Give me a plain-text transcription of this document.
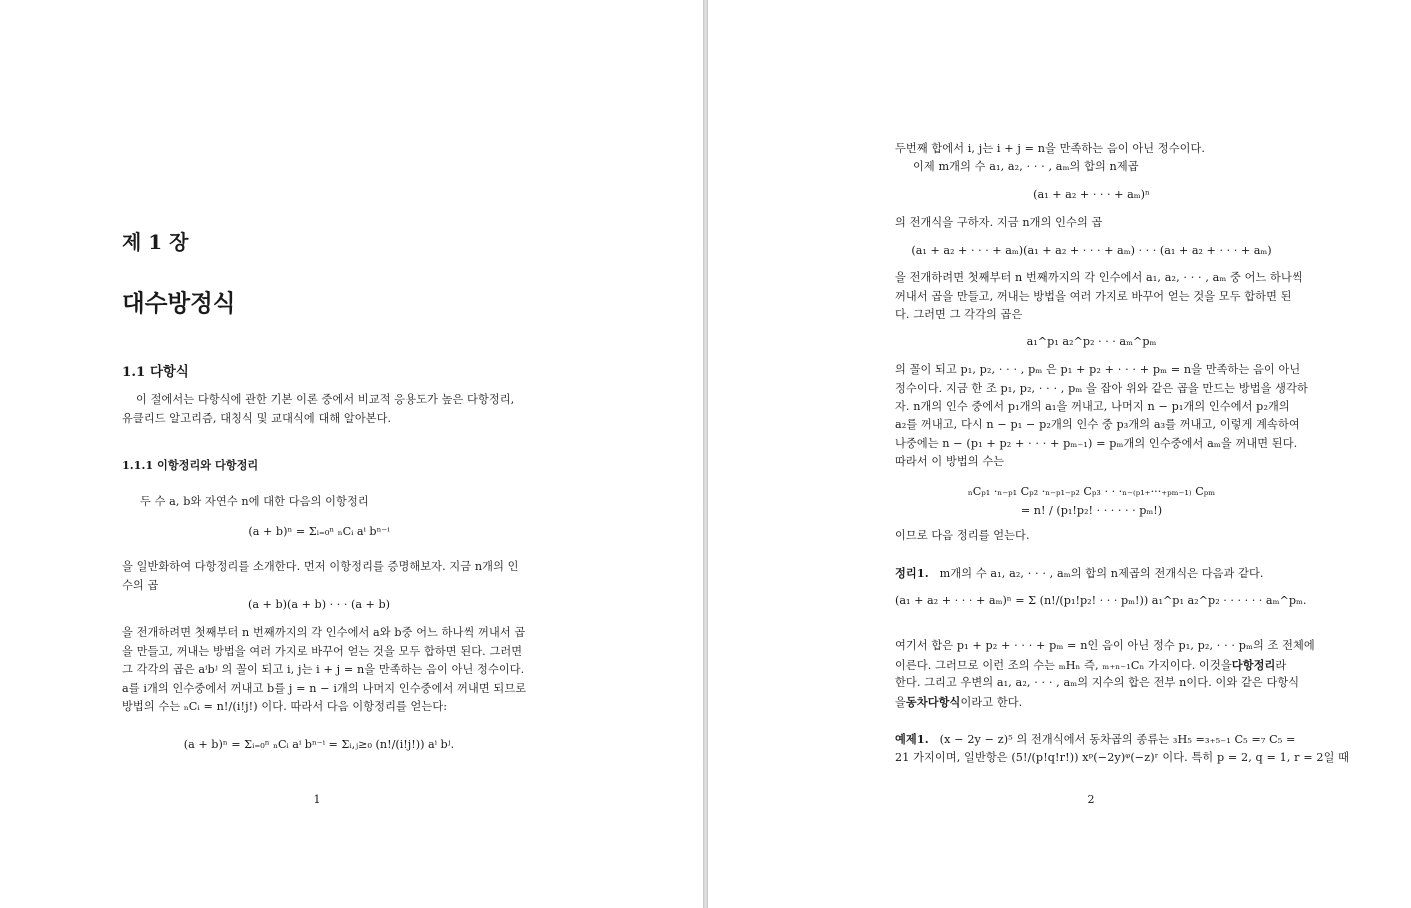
제 1 장
대수방정식
1.1 다항식
이 절에서는 다항식에 관한 기본 이론 중에서 비교적 응용도가 높은 다항정리,
유클리드 알고리즘, 대칭식 및 교대식에 대해 알아본다.
1.1.1 이항정리와 다항정리
두 수 a, b와 자연수 n에 대한 다음의 이항정리
(a + b)ⁿ = Σᵢ₌₀ⁿ ₙCᵢ aⁱ bⁿ⁻ⁱ
을 일반화하여 다항정리를 소개한다. 먼저 이항정리를 증명해보자. 지금 n개의 인
수의 곱
(a + b)(a + b) · · · (a + b)
을 전개하려면 첫째부터 n 번째까지의 각 인수에서 a와 b중 어느 하나씩 꺼내서 곱
을 만들고, 꺼내는 방법을 여러 가지로 바꾸어 얻는 것을 모두 합하면 된다. 그러면
그 각각의 곱은 aⁱbʲ 의 꼴이 되고 i, j는 i + j = n을 만족하는 음이 아닌 정수이다.
a를 i개의 인수중에서 꺼내고 b를 j = n − i개의 나머지 인수중에서 꺼내면 되므로
방법의 수는 ₙCᵢ = n!/(i!j!) 이다. 따라서 다음 이항정리를 얻는다:
(a + b)ⁿ = Σᵢ₌₀ⁿ ₙCᵢ aⁱ bⁿ⁻ⁱ = Σᵢ,ⱼ≥₀ (n!/(i!j!)) aⁱ bʲ.
1
두번째 합에서 i, j는 i + j = n을 만족하는 음이 아닌 정수이다.
이제 m개의 수 a₁, a₂, · · · , aₘ의 합의 n제곱
(a₁ + a₂ + · · · + aₘ)ⁿ
의 전개식을 구하자. 지금 n개의 인수의 곱
(a₁ + a₂ + · · · + aₘ)(a₁ + a₂ + · · · + aₘ) · · · (a₁ + a₂ + · · · + aₘ)
을 전개하려면 첫째부터 n 번째까지의 각 인수에서 a₁, a₂, · · · , aₘ 중 어느 하나씩
꺼내서 곱을 만들고, 꺼내는 방법을 여러 가지로 바꾸어 얻는 것을 모두 합하면 된
다. 그러면 그 각각의 곱은
a₁^p₁ a₂^p₂ · · · aₘ^pₘ
의 꼴이 되고 p₁, p₂, · · · , pₘ 은 p₁ + p₂ + · · · + pₘ = n을 만족하는 음이 아닌
정수이다. 지금 한 조 p₁, p₂, · · · , pₘ 을 잡아 위와 같은 곱을 만드는 방법을 생각하
자. n개의 인수 중에서 p₁개의 a₁을 꺼내고, 나머지 n − p₁개의 인수에서 p₂개의
a₂를 꺼내고, 다시 n − p₁ − p₂개의 인수 중 p₃개의 a₃를 꺼내고, 이렇게 계속하여
나중에는 n − (p₁ + p₂ + · · · + pₘ₋₁) = pₘ개의 인수중에서 aₘ을 꺼내면 된다.
따라서 이 방법의 수는
ₙCₚ₁ ·ₙ₋ₚ₁ Cₚ₂ ·ₙ₋ₚ₁₋ₚ₂ Cₚ₃ · · ·ₙ₋₍ₚ₁₊···₊ₚₘ₋₁₎ Cₚₘ
= n! / (p₁!p₂! · · · · · · pₘ!)
이므로 다음 정리를 얻는다.
정리1. m개의 수 a₁, a₂, · · · , aₘ의 합의 n제곱의 전개식은 다음과 같다.
(a₁ + a₂ + · · · + aₘ)ⁿ = Σ (n!/(p₁!p₂! · · · pₘ!)) a₁^p₁ a₂^p₂ · · · · · · aₘ^pₘ.
여기서 합은 p₁ + p₂ + · · · + pₘ = n인 음이 아닌 정수 p₁, p₂, · · · pₘ의 조 전체에
이른다. 그러므로 이런 조의 수는 ₘHₙ 즉, ₘ₊ₙ₋₁Cₙ 가지이다. 이것을다항정리라
한다. 그리고 우변의 a₁, a₂, · · · , aₘ의 지수의 합은 전부 n이다. 이와 같은 다항식
을동차다항식이라고 한다.
예제1. (x − 2y − z)⁵ 의 전개식에서 동차곱의 종류는 ₃H₅ =₃₊₅₋₁ C₅ =₇ C₅ =
21 가지이며, 일반항은 (5!/(p!q!r!)) xᵖ(−2y)ᵠ(−z)ʳ 이다. 특히 p = 2, q = 1, r = 2일 때
2
